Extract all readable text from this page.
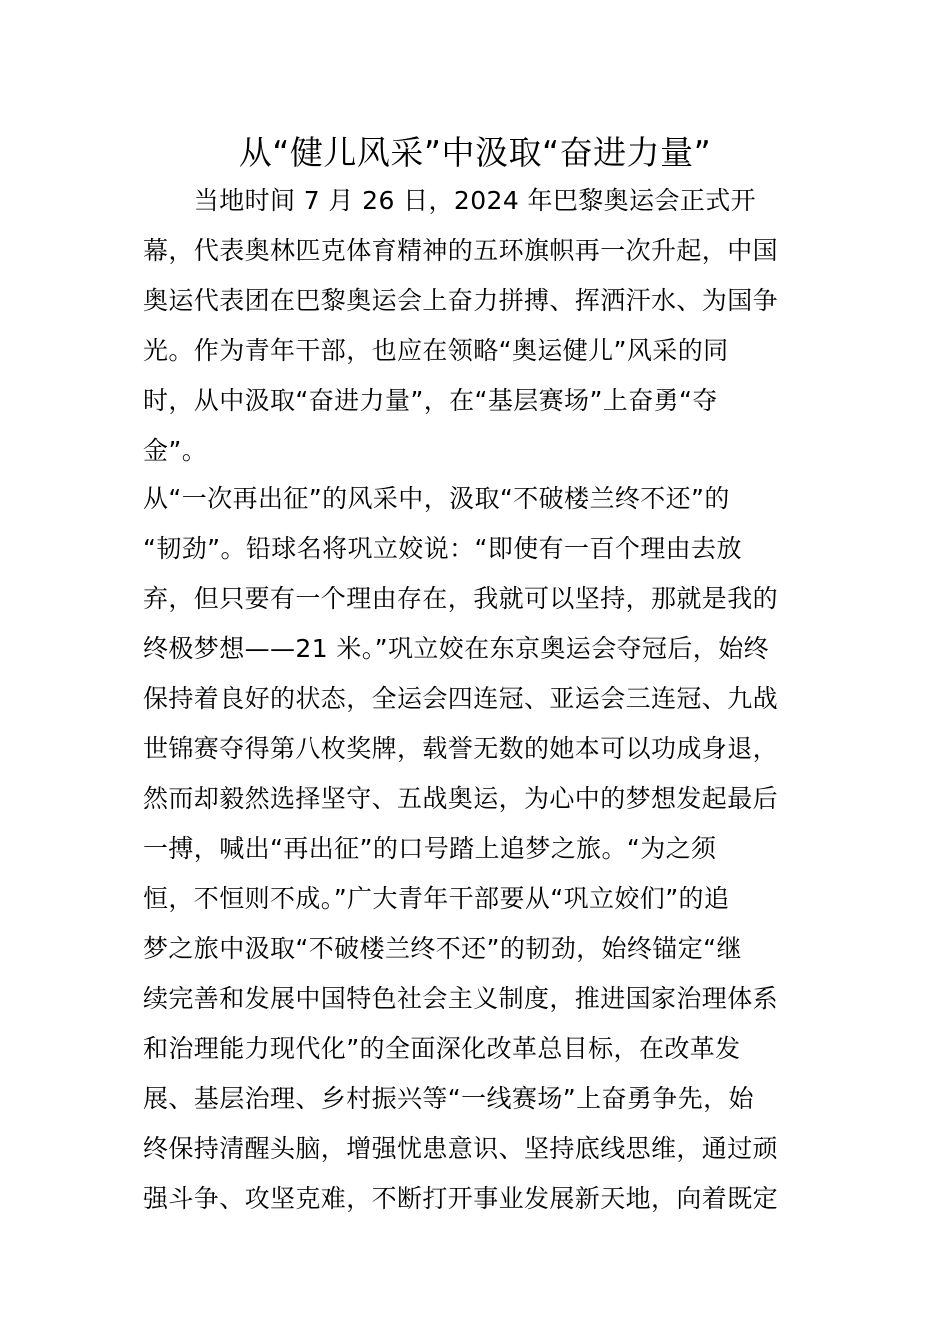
从“健儿风采”中汲取“奋进力量”
　　当地时间 7 月 26 日，2024 年巴黎奥运会正式开
幕，代表奥林匹克体育精神的五环旗帜再一次升起，中国
奥运代表团在巴黎奥运会上奋力拼搏、挥洒汗水、为国争
光。作为青年干部，也应在领略“奥运健儿”风采的同
时，从中汲取“奋进力量”，在“基层赛场”上奋勇“夺
金”。
从“一次再出征”的风采中，汲取“不破楼兰终不还”的
“韧劲”。铅球名将巩立姣说：“即使有一百个理由去放
弃，但只要有一个理由存在，我就可以坚持，那就是我的
终极梦想——21 米。”巩立姣在东京奥运会夺冠后，始终
保持着良好的状态，全运会四连冠、亚运会三连冠、九战
世锦赛夺得第八枚奖牌，载誉无数的她本可以功成身退，
然而却毅然选择坚守、五战奥运，为心中的梦想发起最后
一搏，喊出“再出征”的口号踏上追梦之旅。“为之须
恒，不恒则不成。”广大青年干部要从“巩立姣们”的追
梦之旅中汲取“不破楼兰终不还”的韧劲，始终锚定“继
续完善和发展中国特色社会主义制度，推进国家治理体系
和治理能力现代化”的全面深化改革总目标，在改革发
展、基层治理、乡村振兴等“一线赛场”上奋勇争先，始
终保持清醒头脑，增强忧患意识、坚持底线思维，通过顽
强斗争、攻坚克难，不断打开事业发展新天地，向着既定
